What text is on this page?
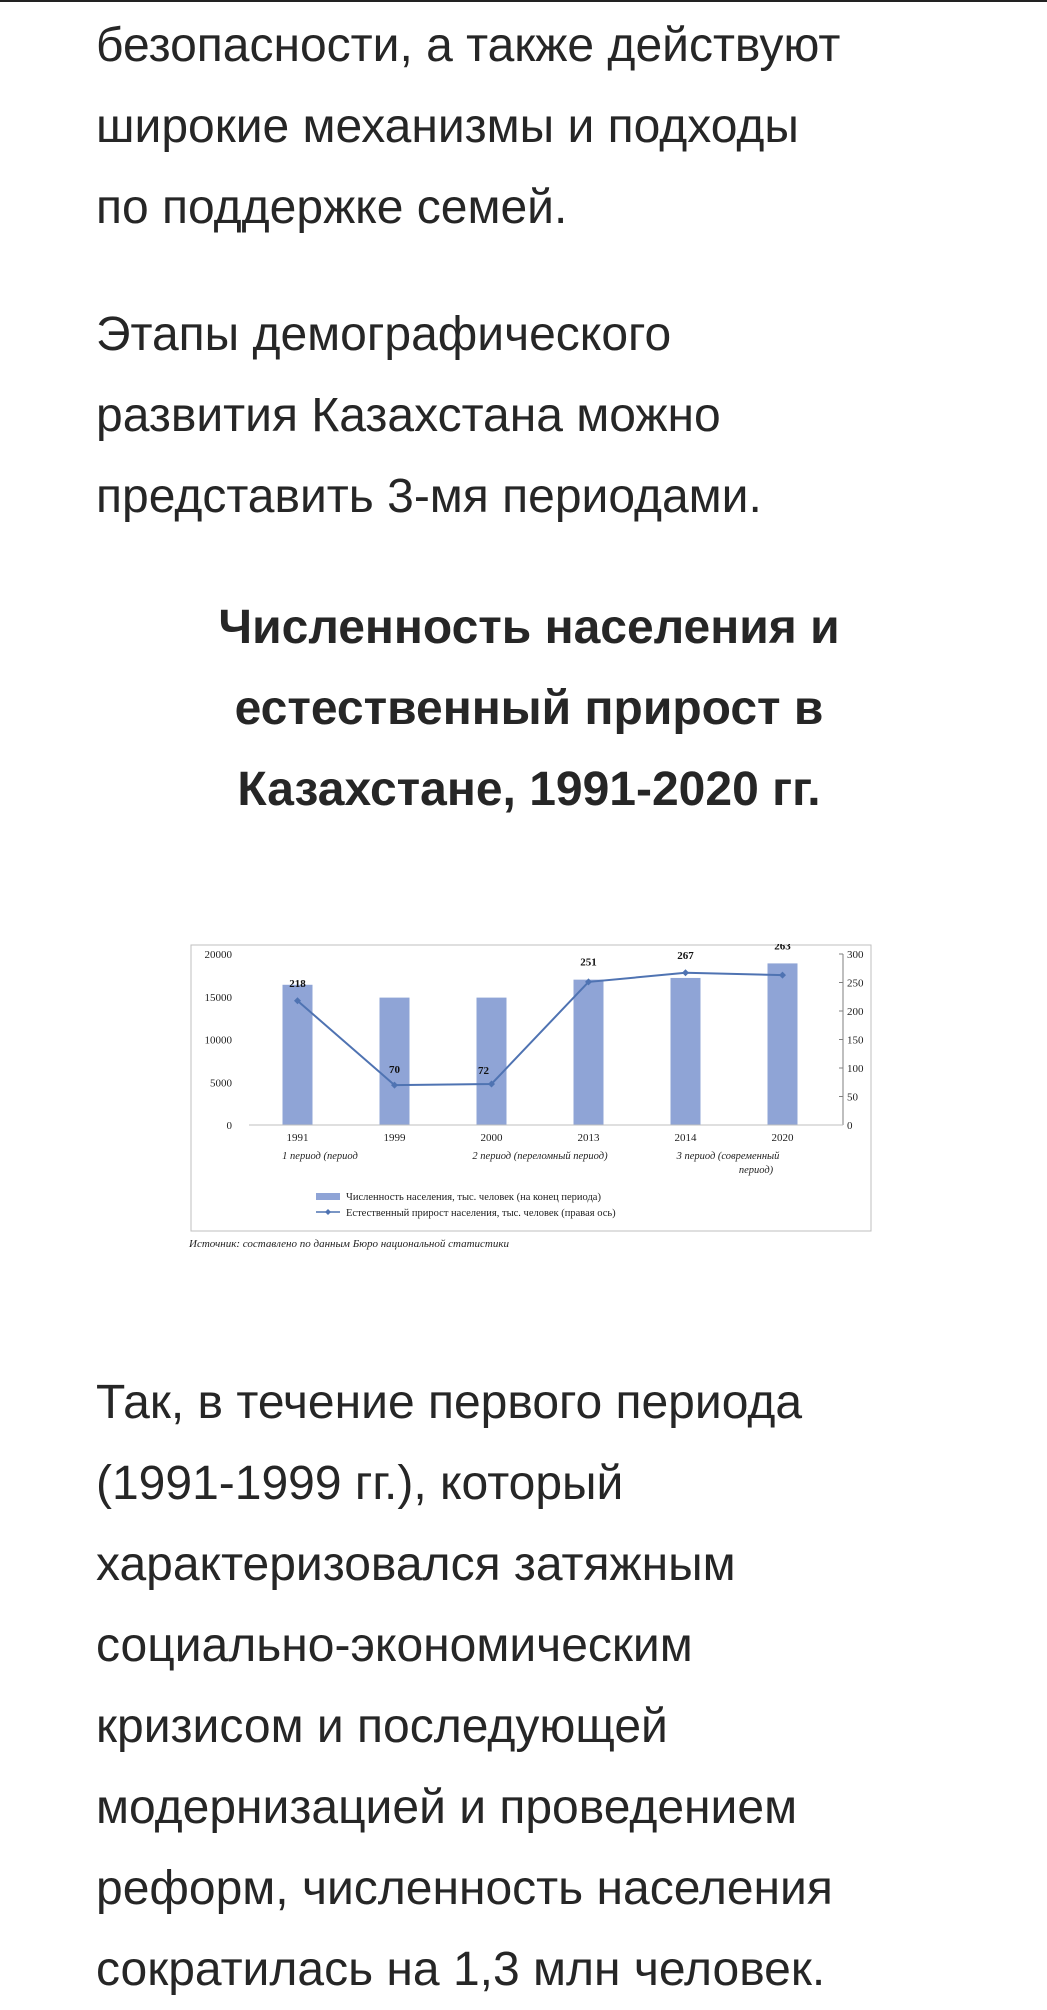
безопасности, а также действуют
широкие механизмы и подходы
по поддержке семей.

Этапы демографического
развития Казахстана можно
представить 3-мя периодами.

Численность населения и
естественный прирост в
Казахстане, 1991-2020 гг.
0
5000
10000
15000
20000
0
50
100
150
200
250
300
218
70	72
251
267
263
1991	1999	2000	2013	2014	2020
1 период (период	2 период (переломный период)	3 период (современный
период)
Численность населения, тыс. человек (на конец периода)
Естественный прирост населения, тыс. человек (правая ось)
Источник: составлено по данным Бюро национальной статистики

Так, в течение первого периода
(1991-1999 гг.), который
характеризовался затяжным
социально-экономическим
кризисом и последующей
модернизацией и проведением
реформ, численность населения
сократилась на 1,3 млн человек.
